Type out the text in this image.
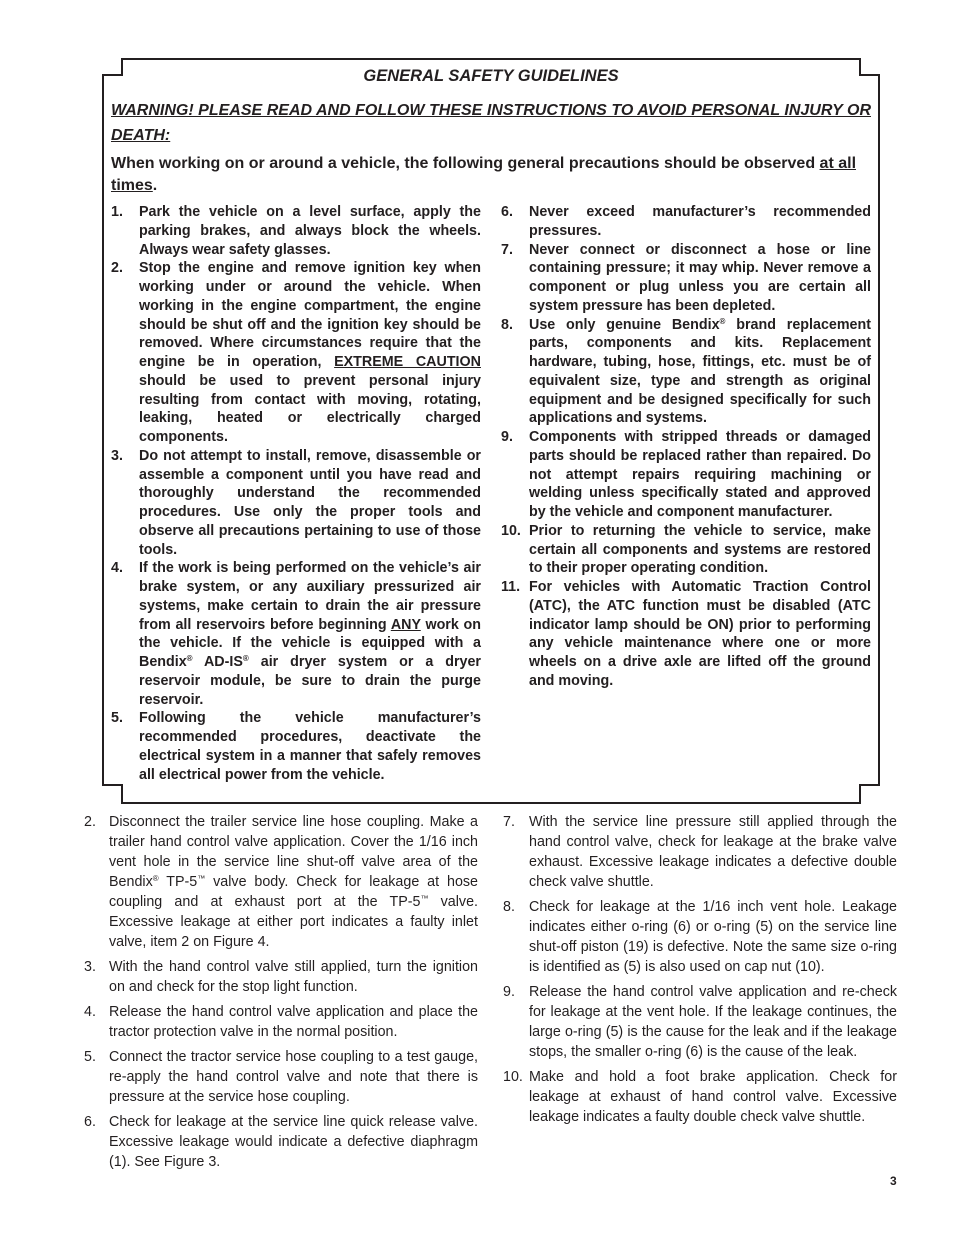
GENERAL SAFETY GUIDELINES
WARNING! PLEASE READ AND FOLLOW THESE INSTRUCTIONS TO AVOID PERSONAL INJURY OR DEATH:
When working on or around a vehicle, the following general precautions should be observed at all times.
1. Park the vehicle on a level surface, apply the parking brakes, and always block the wheels. Always wear safety glasses.
2. Stop the engine and remove ignition key when working under or around the vehicle. When working in the engine compartment, the engine should be shut off and the ignition key should be removed. Where circumstances require that the engine be in operation, EXTREME CAUTION should be used to prevent personal injury resulting from contact with moving, rotating, leaking, heated or electrically charged components.
3. Do not attempt to install, remove, disassemble or assemble a component until you have read and thoroughly understand the recommended procedures. Use only the proper tools and observe all precautions pertaining to use of those tools.
4. If the work is being performed on the vehicle’s air brake system, or any auxiliary pressurized air systems, make certain to drain the air pressure from all reservoirs before beginning ANY work on the vehicle. If the vehicle is equipped with a Bendix® AD-IS® air dryer system or a dryer reservoir module, be sure to drain the purge reservoir.
5. Following the vehicle manufacturer’s recommended procedures, deactivate the electrical system in a manner that safely removes all electrical power from the vehicle.
6. Never exceed manufacturer’s recommended pressures.
7. Never connect or disconnect a hose or line containing pressure; it may whip. Never remove a component or plug unless you are certain all system pressure has been depleted.
8. Use only genuine Bendix® brand replacement parts, components and kits. Replacement hardware, tubing, hose, fittings, etc. must be of equivalent size, type and strength as original equipment and be designed specifically for such applications and systems.
9. Components with stripped threads or damaged parts should be replaced rather than repaired. Do not attempt repairs requiring machining or welding unless specifically stated and approved by the vehicle and component manufacturer.
10. Prior to returning the vehicle to service, make certain all components and systems are restored to their proper operating condition.
11. For vehicles with Automatic Traction Control (ATC), the ATC function must be disabled (ATC indicator lamp should be ON) prior to performing any vehicle maintenance where one or more wheels on a drive axle are lifted off the ground and moving.
2. Disconnect the trailer service line hose coupling. Make a trailer hand control valve application. Cover the 1/16 inch vent hole in the service line shut-off valve area of the Bendix® TP-5™ valve body. Check for leakage at hose coupling and at exhaust port at the TP-5™ valve. Excessive leakage at either port indicates a faulty inlet valve, item 2 on Figure 4.
3. With the hand control valve still applied, turn the ignition on and check for the stop light function.
4. Release the hand control valve application and place the tractor protection valve in the normal position.
5. Connect the tractor service hose coupling to a test gauge, re-apply the hand control valve and note that there is pressure at the service hose coupling.
6. Check for leakage at the service line quick release valve. Excessive leakage would indicate a defective diaphragm (1). See Figure 3.
7. With the service line pressure still applied through the hand control valve, check for leakage at the brake valve exhaust. Excessive leakage indicates a defective double check valve shuttle.
8. Check for leakage at the 1/16 inch vent hole. Leakage indicates either o-ring (6) or o-ring (5) on the service line shut-off piston (19) is defective. Note the same size o-ring is identified as (5) is also used on cap nut (10).
9. Release the hand control valve application and re-check for leakage at the vent hole. If the leakage continues, the large o-ring (5) is the cause for the leak and if the leakage stops, the smaller o-ring (6) is the cause of the leak.
10. Make and hold a foot brake application. Check for leakage at exhaust of hand control valve. Excessive leakage indicates a faulty double check valve shuttle.
3
